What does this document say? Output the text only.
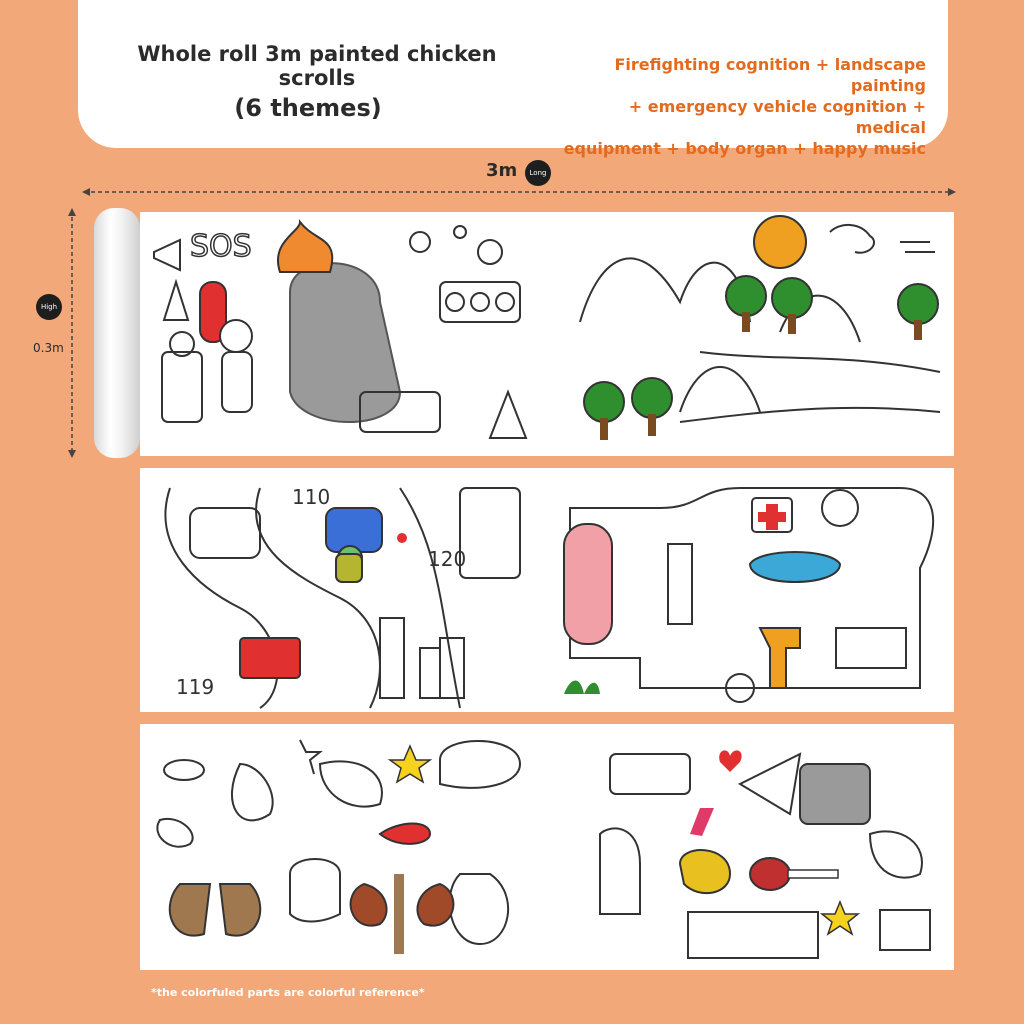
Whole roll 3m painted chicken scrolls
(6 themes)
Firefighting cognition + landscape painting
+ emergency vehicle cognition + medical
equipment + body organ + happy music
3m	Long
High
0.3m
SOS
110
120
119
*the colorfuled parts are colorful reference*
